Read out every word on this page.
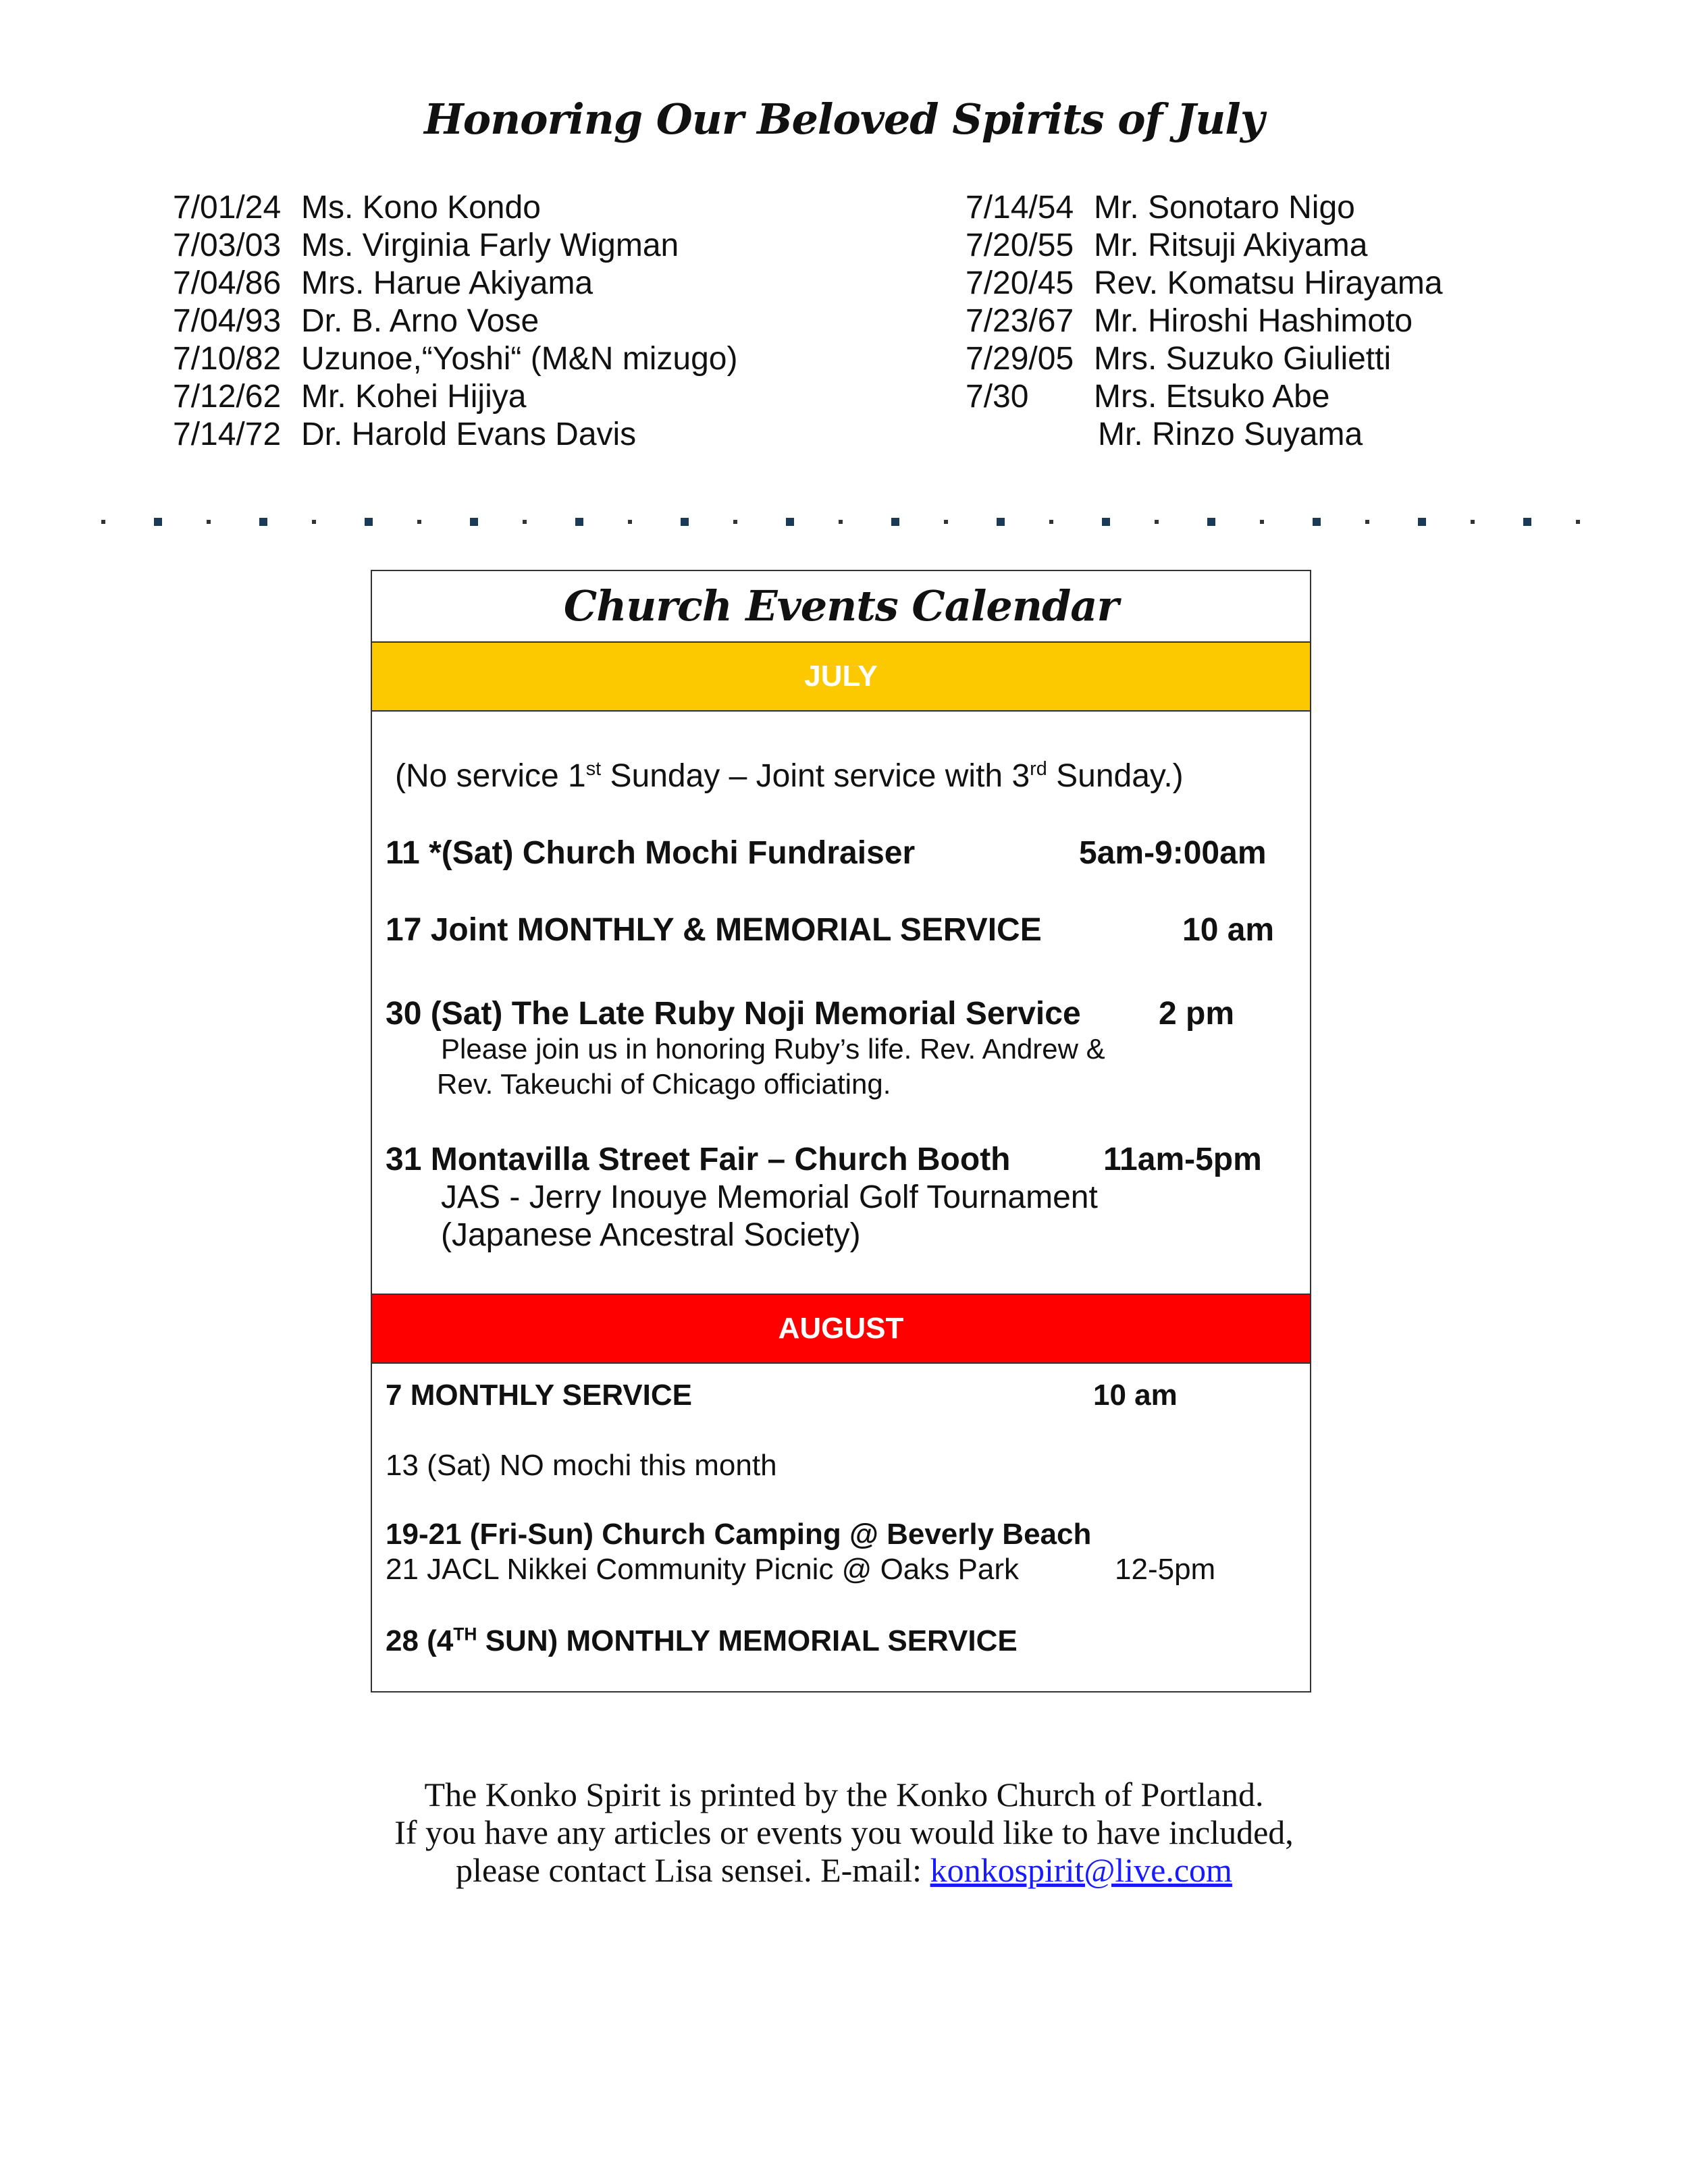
Honoring Our Beloved Spirits of July
7/01/24 Ms. Kono Kondo
7/03/03 Ms. Virginia Farly Wigman
7/04/86 Mrs. Harue Akiyama
7/04/93 Dr. B. Arno Vose
7/10/82 Uzunoe,“Yoshi“ (M&N mizugo)
7/12/62 Mr. Kohei Hijiya
7/14/72 Dr. Harold Evans Davis
7/14/54 Mr. Sonotaro Nigo
7/20/55 Mr. Ritsuji Akiyama
7/20/45 Rev. Komatsu Hirayama
7/23/67 Mr. Hiroshi Hashimoto
7/29/05 Mrs. Suzuko Giulietti
7/30 Mrs. Etsuko Abe
Mr. Rinzo Suyama
Church Events Calendar
JULY
(No service 1st Sunday – Joint service with 3rd Sunday.)
11 *(Sat) Church Mochi Fundraiser	5am-9:00am
17 Joint MONTHLY & MEMORIAL SERVICE	10 am
30 (Sat) The Late Ruby Noji Memorial Service 2 pm
Please join us in honoring Ruby’s life. Rev. Andrew &
Rev. Takeuchi of Chicago officiating.
31 Montavilla Street Fair – Church Booth	11am-5pm
JAS - Jerry Inouye Memorial Golf Tournament
(Japanese Ancestral Society)
AUGUST
7 MONTHLY SERVICE	10 am
13 (Sat) NO mochi this month
19-21 (Fri-Sun) Church Camping @ Beverly Beach
21 JACL Nikkei Community Picnic @ Oaks Park	12-5pm
28 (4TH SUN) MONTHLY MEMORIAL SERVICE
The Konko Spirit is printed by the Konko Church of Portland.
If you have any articles or events you would like to have included,
please contact Lisa sensei. E-mail: konkospirit@live.com
